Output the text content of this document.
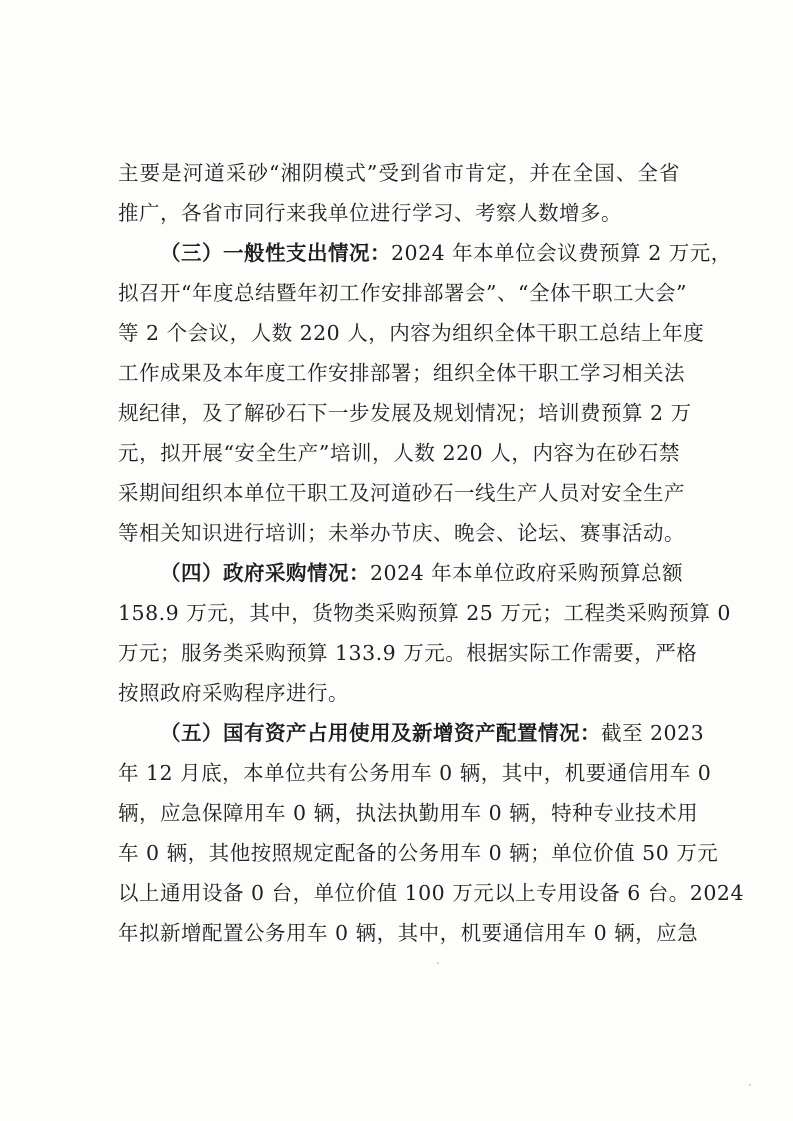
主要是河道采砂“湘阴模式”受到省市肯定，并在全国、全省
推广，各省市同行来我单位进行学习、考察人数增多。
（三）一般性支出情况：2024 年本单位会议费预算 2 万元，
拟召开“年度总结暨年初工作安排部署会”、“全体干职工大会”
等 2 个会议，人数 220 人，内容为组织全体干职工总结上年度
工作成果及本年度工作安排部署；组织全体干职工学习相关法
规纪律，及了解砂石下一步发展及规划情况；培训费预算 2 万
元，拟开展“安全生产”培训，人数 220 人，内容为在砂石禁
采期间组织本单位干职工及河道砂石一线生产人员对安全生产
等相关知识进行培训；未举办节庆、晚会、论坛、赛事活动。
（四）政府采购情况：2024 年本单位政府采购预算总额
158.9 万元，其中，货物类采购预算 25 万元；工程类采购预算 0
万元；服务类采购预算 133.9 万元。根据实际工作需要，严格
按照政府采购程序进行。
（五）国有资产占用使用及新增资产配置情况：截至 2023
年 12 月底，本单位共有公务用车 0 辆，其中，机要通信用车 0
辆，应急保障用车 0 辆，执法执勤用车 0 辆，特种专业技术用
车 0 辆，其他按照规定配备的公务用车 0 辆；单位价值 50 万元
以上通用设备 0 台，单位价值 100 万元以上专用设备 6 台。2024
年拟新增配置公务用车 0 辆，其中，机要通信用车 0 辆，应急
